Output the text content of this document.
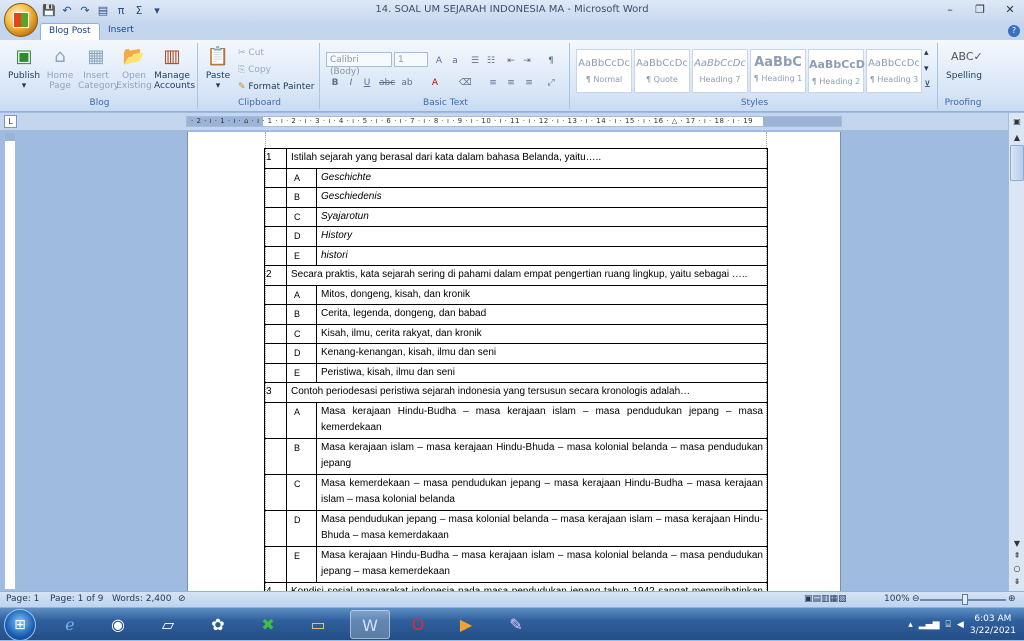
💾 ↶ ↷ ▤ π	Σ	▾	14. SOAL UM SEJARAH INDONESIA MA - Microsoft Word	–	❐	✕
Blog Post	Insert	?
▣
Publish
▾
⌂
Home
Page
▦
Insert
Category
📂
Open
Existing
▥
Manage
Accounts
Blog
📋
Paste
▾
✂ Cut
⎘ Copy
✎ Format Painter
Clipboard
Calibri (Body)
1	A	a	☰ ☷	⇤ ⇥	¶
B	I	U abc ab	A	⌫	≡	≡	≡	⤢
Basic Text
AaBbCcDc
¶ Normal
AaBbCcDc
¶ Quote
AaBbCcDc
Heading 7
AaBbC
¶ Heading 1
AaBbCcD
¶ Heading 2
AaBbCcDc
¶ Heading 3
▴
▾
⊻
Styles
ABC✓
Spelling
Proofing
L	· 2 · ı · 1 · ı · ⌂ · ı · 1 · ı · 2 · ı · 3 · ı · 4 · ı · 5 · ı · 6 · ı · 7 · ı · 8 · ı · 9 · ı · 10 · ı · 11 · ı · 12 · ı · 13 · ı · 14 · ı · 15 · ı · 16 · △ · 17 · ı · 18 · ı · 19
1	Istilah sejarah yang berasal dari kata dalam bahasa Belanda, yaitu…..	
	A	Geschichte
	B	Geschiedenis
	C	Syajarotun
	D	History
	E	histori
2	Secara praktis, kata sejarah sering di pahami dalam empat pengertian ruang lingkup, yaitu sebagai …..	
	A	Mitos, dongeng, kisah, dan kronik
	B	Cerita, legenda, dongeng, dan babad
	C	Kisah, ilmu, cerita rakyat, dan kronik
	D	Kenang-kenangan, kisah, ilmu dan seni
	E	Peristiwa, kisah, ilmu dan seni
3	Contoh periodesasi peristiwa sejarah indonesia yang tersusun secara kronologis adalah…	
	A	Masa kerajaan Hindu-Budha – masa kerajaan islam – masa pendudukan jepang – masa kemerdekaan
	B	Masa kerajaan islam – masa kerajaan Hindu-Bhuda – masa kolonial belanda – masa pendudukan jepang
	C	Masa kemerdekaan – masa pendudukan jepang – masa kerajaan Hindu-Budha – masa kerajaan islam – masa kolonial belanda
	D	Masa pendudukan jepang – masa kolonial belanda – masa kerajaan islam – masa kerajaan Hindu-Bhuda – masa kemerdakaan
	E	Masa kerajaan Hindu-Budha – masa kerajaan islam – masa kolonial belanda – masa pendudukan jepang – masa kemerdekaan

▣
▲
▼
⇞
○
⇟
Page: 1 Page: 1 of 9 Words: 2,400 ⊘	▣▤▥▦▧	100% ⊖	⊕
⊞	ℯ	◉	▱	✿	✖	▭	W	O	▶	✎	▴ ▂▄▆ ⌸ ◀
6:03 AM
3/22/2021
